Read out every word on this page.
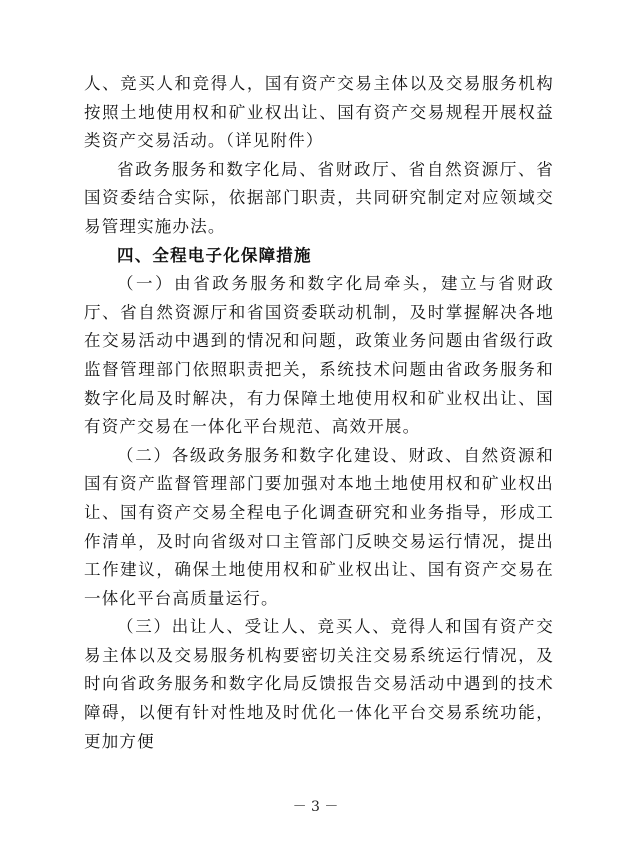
人、竞买人和竞得人，国有资产交易主体以及交易服务机构按照土地使用权和矿业权出让、国有资产交易规程开展权益类资产交易活动。（详见附件）

省政务服务和数字化局、省财政厅、省自然资源厅、省国资委结合实际，依据部门职责，共同研究制定对应领域交易管理实施办法。

四、全程电子化保障措施

（一）由省政务服务和数字化局牵头，建立与省财政厅、省自然资源厅和省国资委联动机制，及时掌握解决各地在交易活动中遇到的情况和问题，政策业务问题由省级行政监督管理部门依照职责把关，系统技术问题由省政务服务和数字化局及时解决，有力保障土地使用权和矿业权出让、国有资产交易在一体化平台规范、高效开展。

（二）各级政务服务和数字化建设、财政、自然资源和国有资产监督管理部门要加强对本地土地使用权和矿业权出让、国有资产交易全程电子化调查研究和业务指导，形成工作清单，及时向省级对口主管部门反映交易运行情况，提出工作建议，确保土地使用权和矿业权出让、国有资产交易在一体化平台高质量运行。

（三）出让人、受让人、竞买人、竞得人和国有资产交易主体以及交易服务机构要密切关注交易系统运行情况，及时向省政务服务和数字化局反馈报告交易活动中遇到的技术障碍，以便有针对性地及时优化一体化平台交易系统功能，更加方便

－ 3 －
